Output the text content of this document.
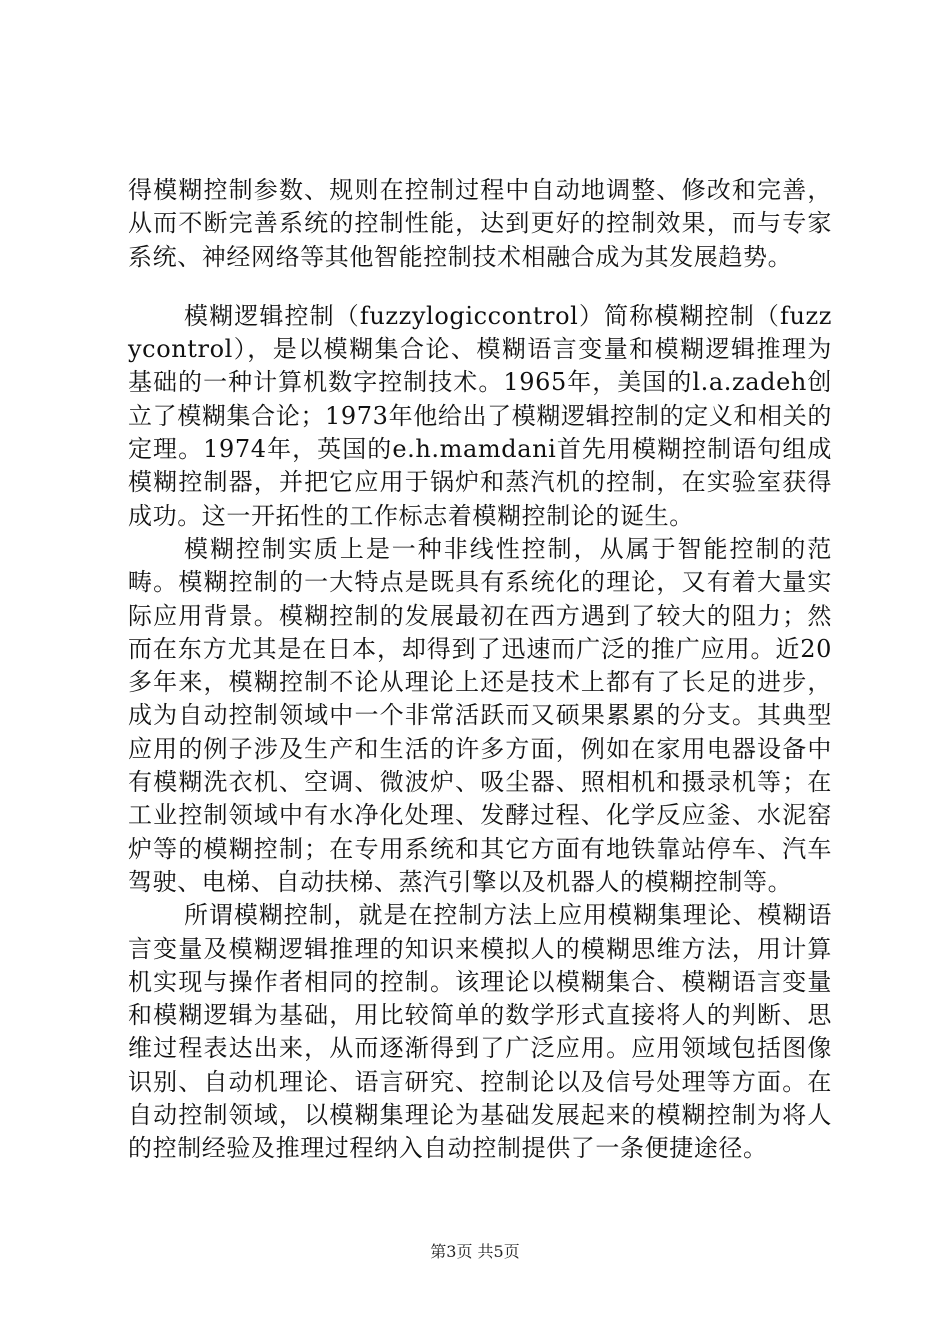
得模糊控制参数、规则在控制过程中自动地调整、修改和完善，从而不断完善系统的控制性能，达到更好的控制效果，而与专家系统、神经网络等其他智能控制技术相融合成为其发展趋势。

模糊逻辑控制（fuzzylogiccontrol）简称模糊控制（fuzzycontrol），是以模糊集合论、模糊语言变量和模糊逻辑推理为基础的一种计算机数字控制技术。1965年，美国的l.a.zadeh创立了模糊集合论；1973年他给出了模糊逻辑控制的定义和相关的定理。1974年，英国的e.h.mamdani首先用模糊控制语句组成模糊控制器，并把它应用于锅炉和蒸汽机的控制，在实验室获得成功。这一开拓性的工作标志着模糊控制论的诞生。

模糊控制实质上是一种非线性控制，从属于智能控制的范畴。模糊控制的一大特点是既具有系统化的理论，又有着大量实际应用背景。模糊控制的发展最初在西方遇到了较大的阻力；然而在东方尤其是在日本，却得到了迅速而广泛的推广应用。近20多年来，模糊控制不论从理论上还是技术上都有了长足的进步，成为自动控制领域中一个非常活跃而又硕果累累的分支。其典型应用的例子涉及生产和生活的许多方面，例如在家用电器设备中有模糊洗衣机、空调、微波炉、吸尘器、照相机和摄录机等；在工业控制领域中有水净化处理、发酵过程、化学反应釜、水泥窑炉等的模糊控制；在专用系统和其它方面有地铁靠站停车、汽车驾驶、电梯、自动扶梯、蒸汽引擎以及机器人的模糊控制等。

所谓模糊控制，就是在控制方法上应用模糊集理论、模糊语言变量及模糊逻辑推理的知识来模拟人的模糊思维方法，用计算机实现与操作者相同的控制。该理论以模糊集合、模糊语言变量和模糊逻辑为基础，用比较简单的数学形式直接将人的判断、思维过程表达出来，从而逐渐得到了广泛应用。应用领域包括图像识别、自动机理论、语言研究、控制论以及信号处理等方面。在自动控制领域，以模糊集理论为基础发展起来的模糊控制为将人的控制经验及推理过程纳入自动控制提供了一条便捷途径。

第3页 共5页
